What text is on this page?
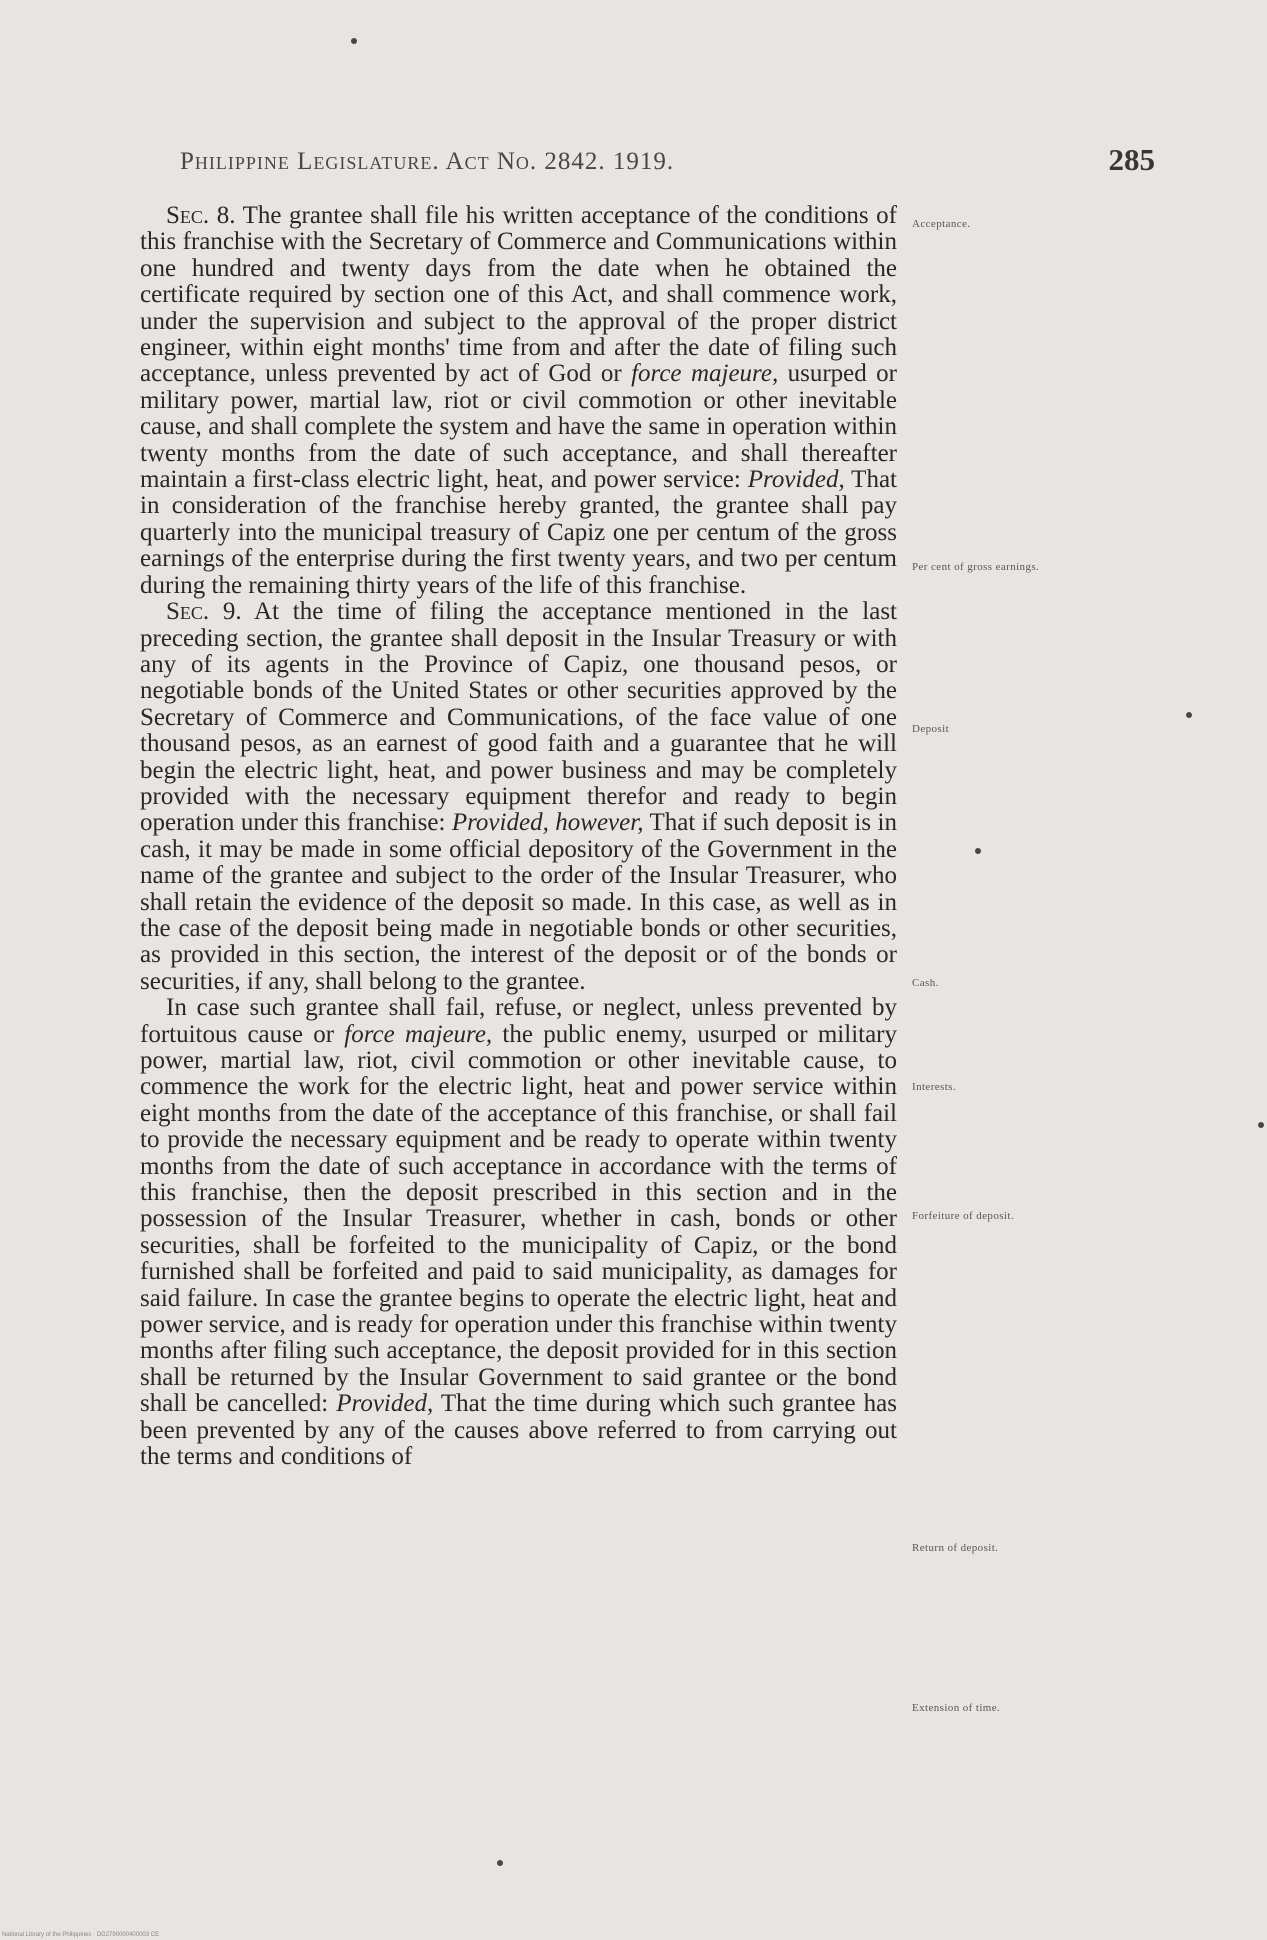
Philippine Legislature. Act No. 2842. 1919.	285

Sec. 8. The grantee shall file his written acceptance of the conditions of this franchise with the Secretary of Commerce and Communications within one hundred and twenty days from the date when he obtained the certificate required by section one of this Act, and shall commence work, under the supervision and subject to the approval of the proper district engineer, within eight months' time from and after the date of filing such acceptance, unless prevented by act of God or force majeure, usurped or military power, martial law, riot or civil commotion or other inevitable cause, and shall complete the system and have the same in operation within twenty months from the date of such acceptance, and shall thereafter maintain a first-class electric light, heat, and power service: Provided, That in consideration of the franchise hereby granted, the grantee shall pay quarterly into the municipal treasury of Capiz one per centum of the gross earnings of the enterprise during the first twenty years, and two per centum during the remaining thirty years of the life of this franchise.

Sec. 9. At the time of filing the acceptance mentioned in the last preceding section, the grantee shall deposit in the Insular Treasury or with any of its agents in the Province of Capiz, one thousand pesos, or negotiable bonds of the United States or other securities approved by the Secretary of Commerce and Communications, of the face value of one thousand pesos, as an earnest of good faith and a guarantee that he will begin the electric light, heat, and power business and may be completely provided with the necessary equipment therefor and ready to begin operation under this franchise: Provided, however, That if such deposit is in cash, it may be made in some official depository of the Government in the name of the grantee and subject to the order of the Insular Treasurer, who shall retain the evidence of the deposit so made. In this case, as well as in the case of the deposit being made in negotiable bonds or other securities, as provided in this section, the interest of the deposit or of the bonds or securities, if any, shall belong to the grantee.

In case such grantee shall fail, refuse, or neglect, unless prevented by fortuitous cause or force majeure, the public enemy, usurped or military power, martial law, riot, civil commotion or other inevitable cause, to commence the work for the electric light, heat and power service within eight months from the date of the acceptance of this franchise, or shall fail to provide the necessary equipment and be ready to operate within twenty months from the date of such acceptance in accordance with the terms of this franchise, then the deposit prescribed in this section and in the possession of the Insular Treasurer, whether in cash, bonds or other securities, shall be forfeited to the municipality of Capiz, or the bond furnished shall be forfeited and paid to said municipality, as damages for said failure. In case the grantee begins to operate the electric light, heat and power service, and is ready for operation under this franchise within twenty months after filing such acceptance, the deposit provided for in this section shall be returned by the Insular Government to said grantee or the bond shall be cancelled: Provided, That the time during which such grantee has been prevented by any of the causes above referred to from carrying out the terms and conditions of

Acceptance.
Per cent of gross earnings.
Deposit
Cash.
Interests.
Forfeiture of deposit.
Return of deposit.
Extension of time.
National Library of the Philippines · DG2790000400003 CE
